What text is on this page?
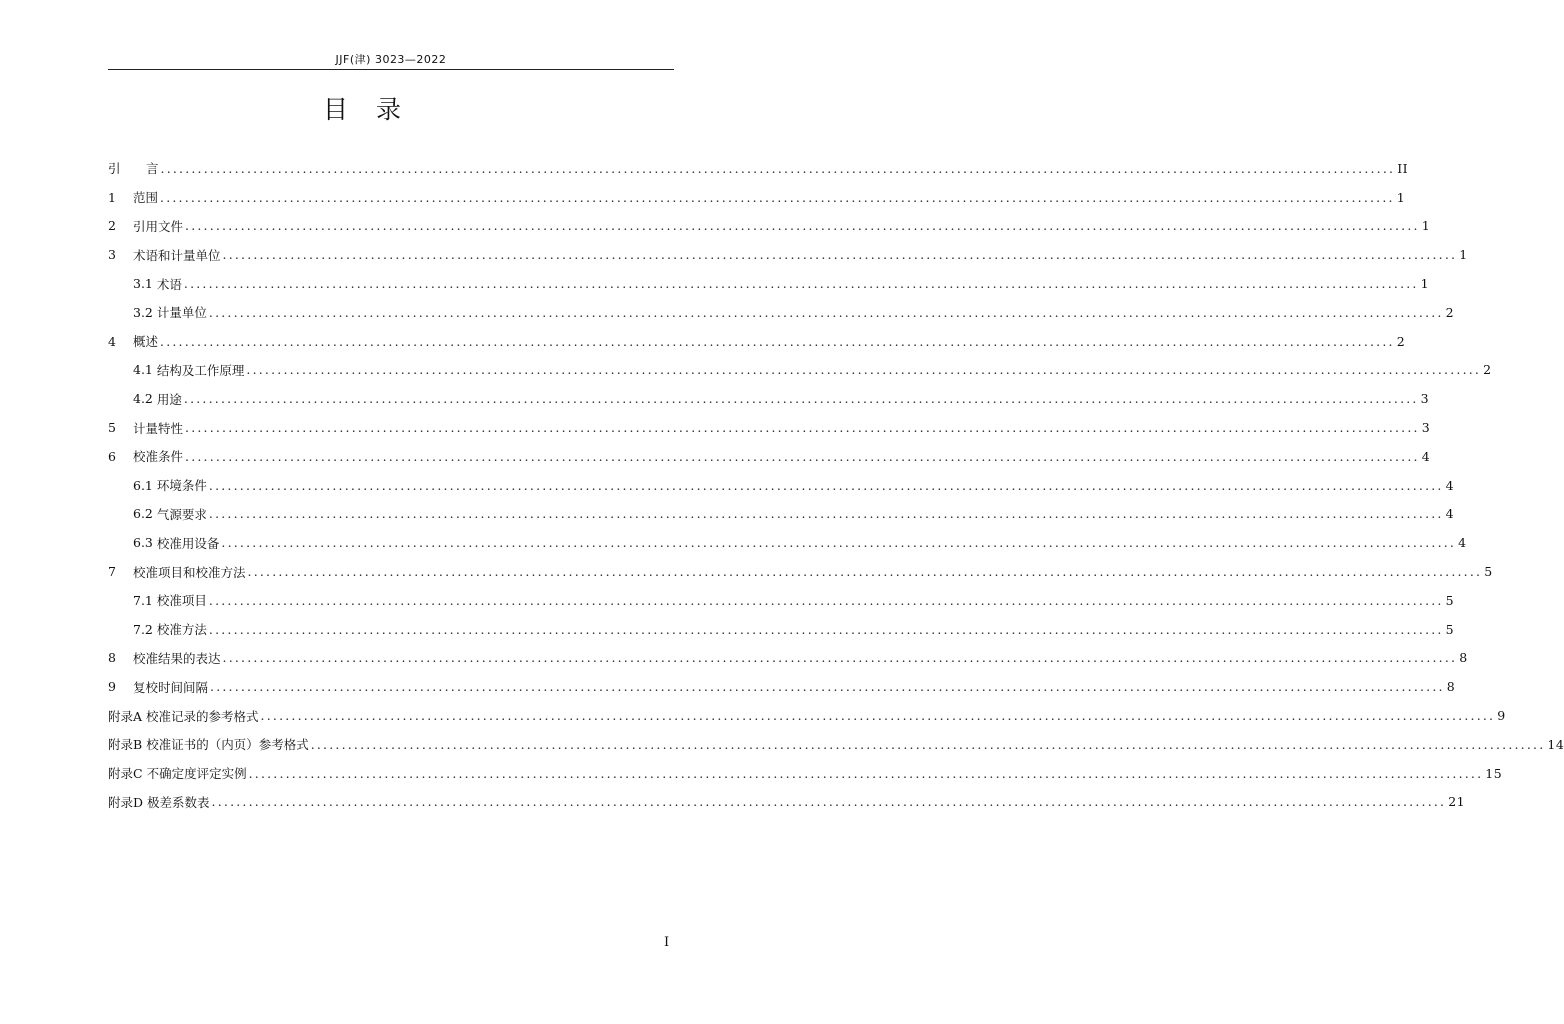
JJF(津) 3023—2022
目录
引	言 ........................................................................................................................................................................................................ II
1	范围 ........................................................................................................................................................................................................ 1
2	引用文件 ........................................................................................................................................................................................................ 1
3	术语和计量单位 ........................................................................................................................................................................................................ 1
3.1 术语 ........................................................................................................................................................................................................ 1
3.2 计量单位 ........................................................................................................................................................................................................ 2
4	概述 ........................................................................................................................................................................................................ 2
4.1 结构及工作原理 ........................................................................................................................................................................................................ 2
4.2 用途 ........................................................................................................................................................................................................ 3
5	计量特性 ........................................................................................................................................................................................................ 3
6	校准条件 ........................................................................................................................................................................................................ 4
6.1 环境条件 ........................................................................................................................................................................................................ 4
6.2 气源要求 ........................................................................................................................................................................................................ 4
6.3 校准用设备 ........................................................................................................................................................................................................ 4
7	校准项目和校准方法 ........................................................................................................................................................................................................ 5
7.1 校准项目 ........................................................................................................................................................................................................ 5
7.2 校准方法 ........................................................................................................................................................................................................ 5
8	校准结果的表达 ........................................................................................................................................................................................................ 8
9	复校时间间隔 ........................................................................................................................................................................................................ 8
附录A 校准记录的参考格式 ........................................................................................................................................................................................................ 9
附录B 校准证书的（内页）参考格式 ........................................................................................................................................................................................................ 14
附录C 不确定度评定实例 ........................................................................................................................................................................................................ 15
附录D 极差系数表 ........................................................................................................................................................................................................ 21
I
